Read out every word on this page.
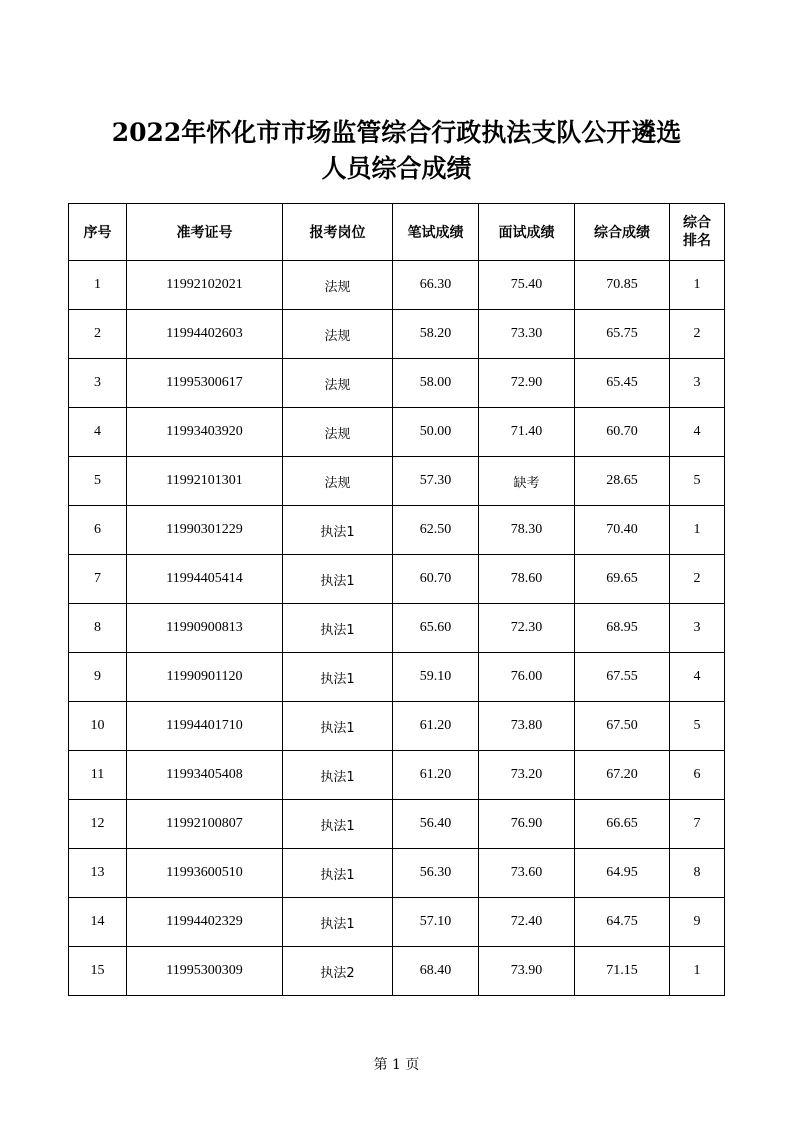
2022年怀化市市场监管综合行政执法支队公开遴选
人员综合成绩
序号	准考证号	报考岗位	笔试成绩	面试成绩	综合成绩	综合排名
1	11992102021	法规	66.30	75.40	70.85	1
2	11994402603	法规	58.20	73.30	65.75	2
3	11995300617	法规	58.00	72.90	65.45	3
4	11993403920	法规	50.00	71.40	60.70	4
5	11992101301	法规	57.30	缺考	28.65	5
6	11990301229	执法1	62.50	78.30	70.40	1
7	11994405414	执法1	60.70	78.60	69.65	2
8	11990900813	执法1	65.60	72.30	68.95	3
9	11990901120	执法1	59.10	76.00	67.55	4
10	11994401710	执法1	61.20	73.80	67.50	5
11	11993405408	执法1	61.20	73.20	67.20	6
12	11992100807	执法1	56.40	76.90	66.65	7
13	11993600510	执法1	56.30	73.60	64.95	8
14	11994402329	执法1	57.10	72.40	64.75	9
15	11995300309	执法2	68.40	73.90	71.15	1
第 1 页
